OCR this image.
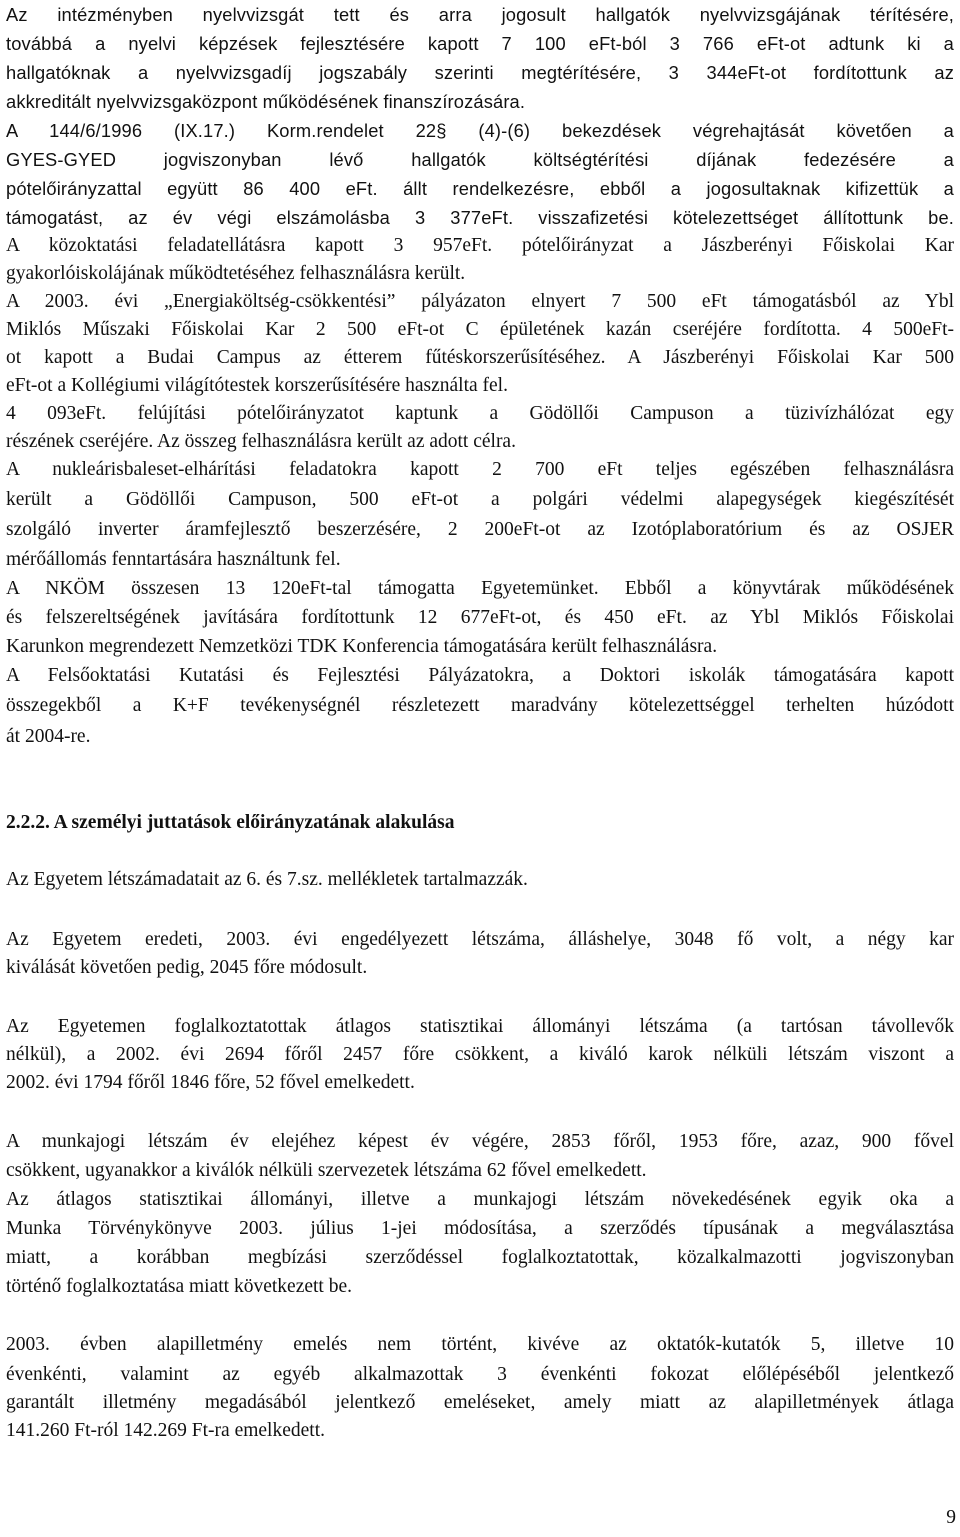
Az intézményben nyelvvizsgát tett és arra jogosult hallgatók nyelvvizsgájának térítésére,
továbbá a nyelvi képzések fejlesztésére kapott 7 100 eFt-ból 3 766 eFt-ot adtunk ki a
hallgatóknak a nyelvvizsgadíj jogszabály szerinti megtérítésére, 3 344eFt-ot fordítottunk az
akkreditált nyelvvizsgaközpont működésének finanszírozására.
A 144/6/1996 (IX.17.) Korm.rendelet 22§ (4)-(6) bekezdések végrehajtását követően a
GYES-GYED jogviszonyban lévő hallgatók költségtérítési díjának fedezésére a
pótelőirányzattal együtt 86 400 eFt. állt rendelkezésre, ebből a jogosultaknak kifizettük a
támogatást, az év végi elszámolásba 3 377eFt. visszafizetési kötelezettséget állítottunk be.
A közoktatási feladatellátásra kapott 3 957eFt. pótelőirányzat a Jászberényi Főiskolai Kar
gyakorlóiskolájának működtetéséhez felhasználásra került.
A 2003. évi „Energiaköltség-csökkentési” pályázaton elnyert 7 500 eFt támogatásból az Ybl
Miklós Műszaki Főiskolai Kar 2 500 eFt-ot C épületének kazán cseréjére fordította. 4 500eFt-
ot kapott a Budai Campus az étterem fűtéskorszerűsítéséhez. A Jászberényi Főiskolai Kar 500
eFt-ot a Kollégiumi világítótestek korszerűsítésére használta fel.
4 093eFt. felújítási pótelőirányzatot kaptunk a Gödöllői Campuson a tüzivízhálózat egy
részének cseréjére. Az összeg felhasználásra került az adott célra.
A nukleárisbaleset-elhárítási feladatokra kapott 2 700 eFt teljes egészében felhasználásra
került a Gödöllői Campuson, 500 eFt-ot a polgári védelmi alapegységek kiegészítését
szolgáló inverter áramfejlesztő beszerzésére, 2 200eFt-ot az Izotóplaboratórium és az OSJER
mérőállomás fenntartására használtunk fel.
A NKÖM összesen 13 120eFt-tal támogatta Egyetemünket. Ebből a könyvtárak működésének
és felszereltségének javítására fordítottunk 12 677eFt-ot, és 450 eFt. az Ybl Miklós Főiskolai
Karunkon megrendezett Nemzetközi TDK Konferencia támogatására került felhasználásra.
A Felsőoktatási Kutatási és Fejlesztési Pályázatokra, a Doktori iskolák támogatására kapott
összegekből a K+F tevékenységnél részletezett maradvány kötelezettséggel terhelten húzódott
át 2004-re.
2.2.2. A személyi juttatások előirányzatának alakulása
Az Egyetem létszámadatait az 6. és 7.sz. mellékletek tartalmazzák.
Az Egyetem eredeti, 2003. évi engedélyezett létszáma, álláshelye, 3048 fő volt, a négy kar
kiválását követően pedig, 2045 főre módosult.
Az Egyetemen foglalkoztatottak átlagos statisztikai állományi létszáma (a tartósan távollevők
nélkül), a 2002. évi 2694 főről 2457 főre csökkent, a kiváló karok nélküli létszám viszont a
2002. évi 1794 főről 1846 főre, 52 fővel emelkedett.
A munkajogi létszám év elejéhez képest év végére, 2853 főről, 1953 főre, azaz, 900 fővel
csökkent, ugyanakkor a kiválók nélküli szervezetek létszáma 62 fővel emelkedett.
Az átlagos statisztikai állományi, illetve a munkajogi létszám növekedésének egyik oka a
Munka Törvénykönyve 2003. július 1-jei módosítása, a szerződés típusának a megválasztása
miatt, a korábban megbízási szerződéssel foglalkoztatottak, közalkalmazotti jogviszonyban
történő foglalkoztatása miatt következett be.
2003. évben alapilletmény emelés nem történt, kivéve az oktatók-kutatók 5, illetve 10
évenkénti, valamint az egyéb alkalmazottak 3 évenkénti fokozat előlépéséből jelentkező
garantált illetmény megadásából jelentkező emeléseket, amely miatt az alapilletmények átlaga
141.260 Ft-ról 142.269 Ft-ra emelkedett.
9
